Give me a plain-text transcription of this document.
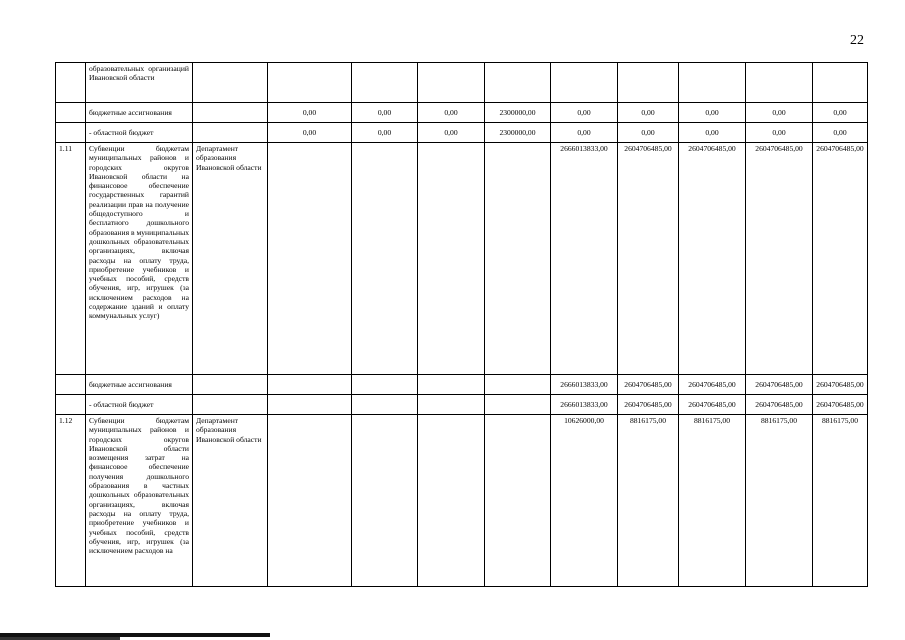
22
	образовательных организаций Ивановской области										
	бюджетные ассигнования		0,00	0,00	0,00	2300000,00	0,00	0,00	0,00	0,00	0,00
	- областной бюджет		0,00	0,00	0,00	2300000,00	0,00	0,00	0,00	0,00	0,00
1.11	Субвенции бюджетам муниципальных районов и городских округов Ивановской области на финансовое обеспечение государственных гарантий реализации прав на получение общедоступного и бесплатного дошкольного образования в муниципальных дошкольных образовательных организациях, включая расходы на оплату труда, приобретение учебников и учебных пособий, средств обучения, игр, игрушек (за исключением расходов на содержание зданий и оплату коммунальных услуг)	Департамент образования Ивановской области					2666013833,00	2604706485,00	2604706485,00	2604706485,00	2604706485,00
	бюджетные ассигнования						2666013833,00	2604706485,00	2604706485,00	2604706485,00	2604706485,00
	- областной бюджет						2666013833,00	2604706485,00	2604706485,00	2604706485,00	2604706485,00
1.12	Субвенции бюджетам муниципальных районов и городских округов Ивановской области возмещения затрат на финансовое обеспечение получения дошкольного образования в частных дошкольных образовательных организациях, включая расходы на оплату труда, приобретение учебников и учебных пособий, средств обучения, игр, игрушек (за исключением расходов на	Департамент образования Ивановской области					10626000,00	8816175,00	8816175,00	8816175,00	8816175,00
